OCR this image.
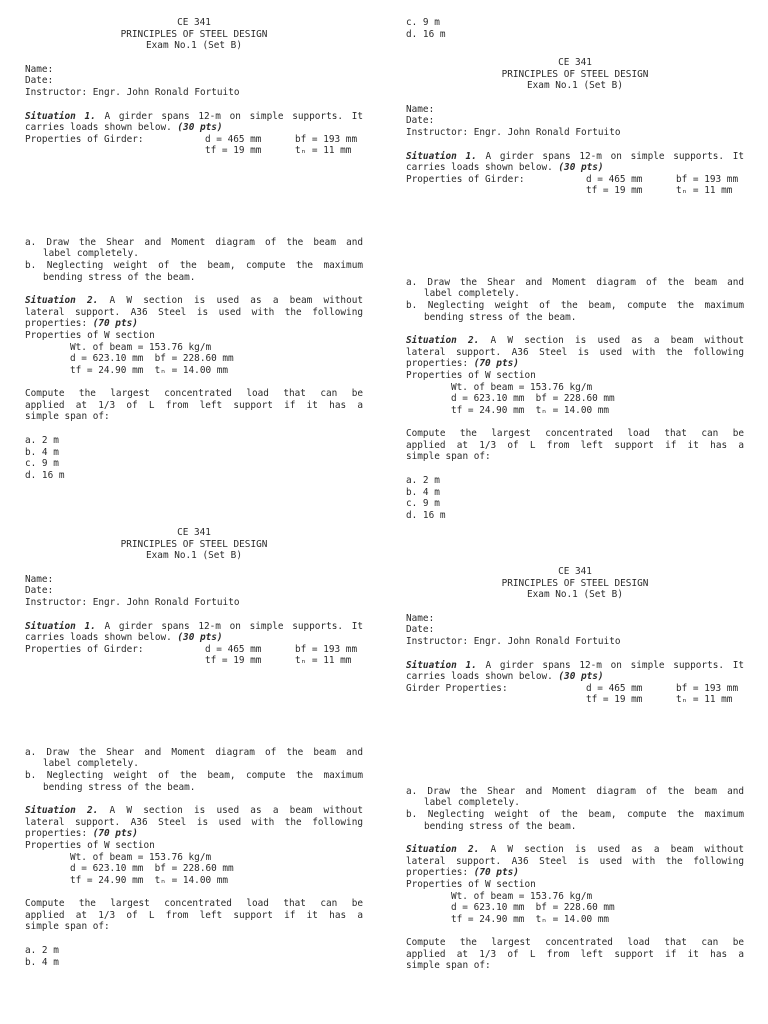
c. 9 m
d. 16 m
CE 341
PRINCIPLES OF STEEL DESIGN
Exam No.1 (Set B)
Name:
Date:
Instructor: Engr. John Ronald Fortuito
Situation 1. A girder spans 12-m on simple supports. It
carries loads shown below. (30 pts)
Properties of Girder:	d = 465 mm	bf = 193 mm
tf = 19 mm	tₙ = 11 mm
a. Draw the Shear and Moment diagram of the beam and
label completely.
b. Neglecting weight of the beam, compute the maximum
bending stress of the beam.
Situation 2. A W section is used as a beam without
lateral support. A36 Steel is used with the following
properties: (70 pts)
Properties of W section
Wt. of beam = 153.76 kg/m
d = 623.10 mm  bf = 228.60 mm
tf = 24.90 mm  tₙ = 14.00 mm
Compute the largest concentrated load that can be
applied at 1/3 of L from left support if it has a
simple span of:
a. 2 m
b. 4 m
c. 9 m
d. 16 m
CE 341
PRINCIPLES OF STEEL DESIGN
Exam No.1 (Set B)
Name:
Date:
Instructor: Engr. John Ronald Fortuito
Situation 1. A girder spans 12-m on simple supports. It
carries loads shown below. (30 pts)
Properties of Girder:	d = 465 mm	bf = 193 mm
tf = 19 mm	tₙ = 11 mm
a. Draw the Shear and Moment diagram of the beam and
label completely.
b. Neglecting weight of the beam, compute the maximum
bending stress of the beam.
Situation 2. A W section is used as a beam without
lateral support. A36 Steel is used with the following
properties: (70 pts)
Properties of W section
Wt. of beam = 153.76 kg/m
d = 623.10 mm  bf = 228.60 mm
tf = 24.90 mm  tₙ = 14.00 mm
Compute the largest concentrated load that can be
applied at 1/3 of L from left support if it has a
simple span of:
a. 2 m
b. 4 m
c. 9 m
d. 16 m
CE 341
PRINCIPLES OF STEEL DESIGN
Exam No.1 (Set B)
Name:
Date:
Instructor: Engr. John Ronald Fortuito
Situation 1. A girder spans 12-m on simple supports. It
carries loads shown below. (30 pts)
Properties of Girder:	d = 465 mm	bf = 193 mm
tf = 19 mm	tₙ = 11 mm
a. Draw the Shear and Moment diagram of the beam and
label completely.
b. Neglecting weight of the beam, compute the maximum
bending stress of the beam.
Situation 2. A W section is used as a beam without
lateral support. A36 Steel is used with the following
properties: (70 pts)
Properties of W section
Wt. of beam = 153.76 kg/m
d = 623.10 mm  bf = 228.60 mm
tf = 24.90 mm  tₙ = 14.00 mm
Compute the largest concentrated load that can be
applied at 1/3 of L from left support if it has a
simple span of:
a. 2 m
b. 4 m
CE 341
PRINCIPLES OF STEEL DESIGN
Exam No.1 (Set B)
Name:
Date:
Instructor: Engr. John Ronald Fortuito
Situation 1. A girder spans 12-m on simple supports. It
carries loads shown below. (30 pts)
Girder Properties:	d = 465 mm	bf = 193 mm
tf = 19 mm	tₙ = 11 mm
a. Draw the Shear and Moment diagram of the beam and
label completely.
b. Neglecting weight of the beam, compute the maximum
bending stress of the beam.
Situation 2. A W section is used as a beam without
lateral support. A36 Steel is used with the following
properties: (70 pts)
Properties of W section
Wt. of beam = 153.76 kg/m
d = 623.10 mm  bf = 228.60 mm
tf = 24.90 mm  tₙ = 14.00 mm
Compute the largest concentrated load that can be
applied at 1/3 of L from left support if it has a
simple span of:
